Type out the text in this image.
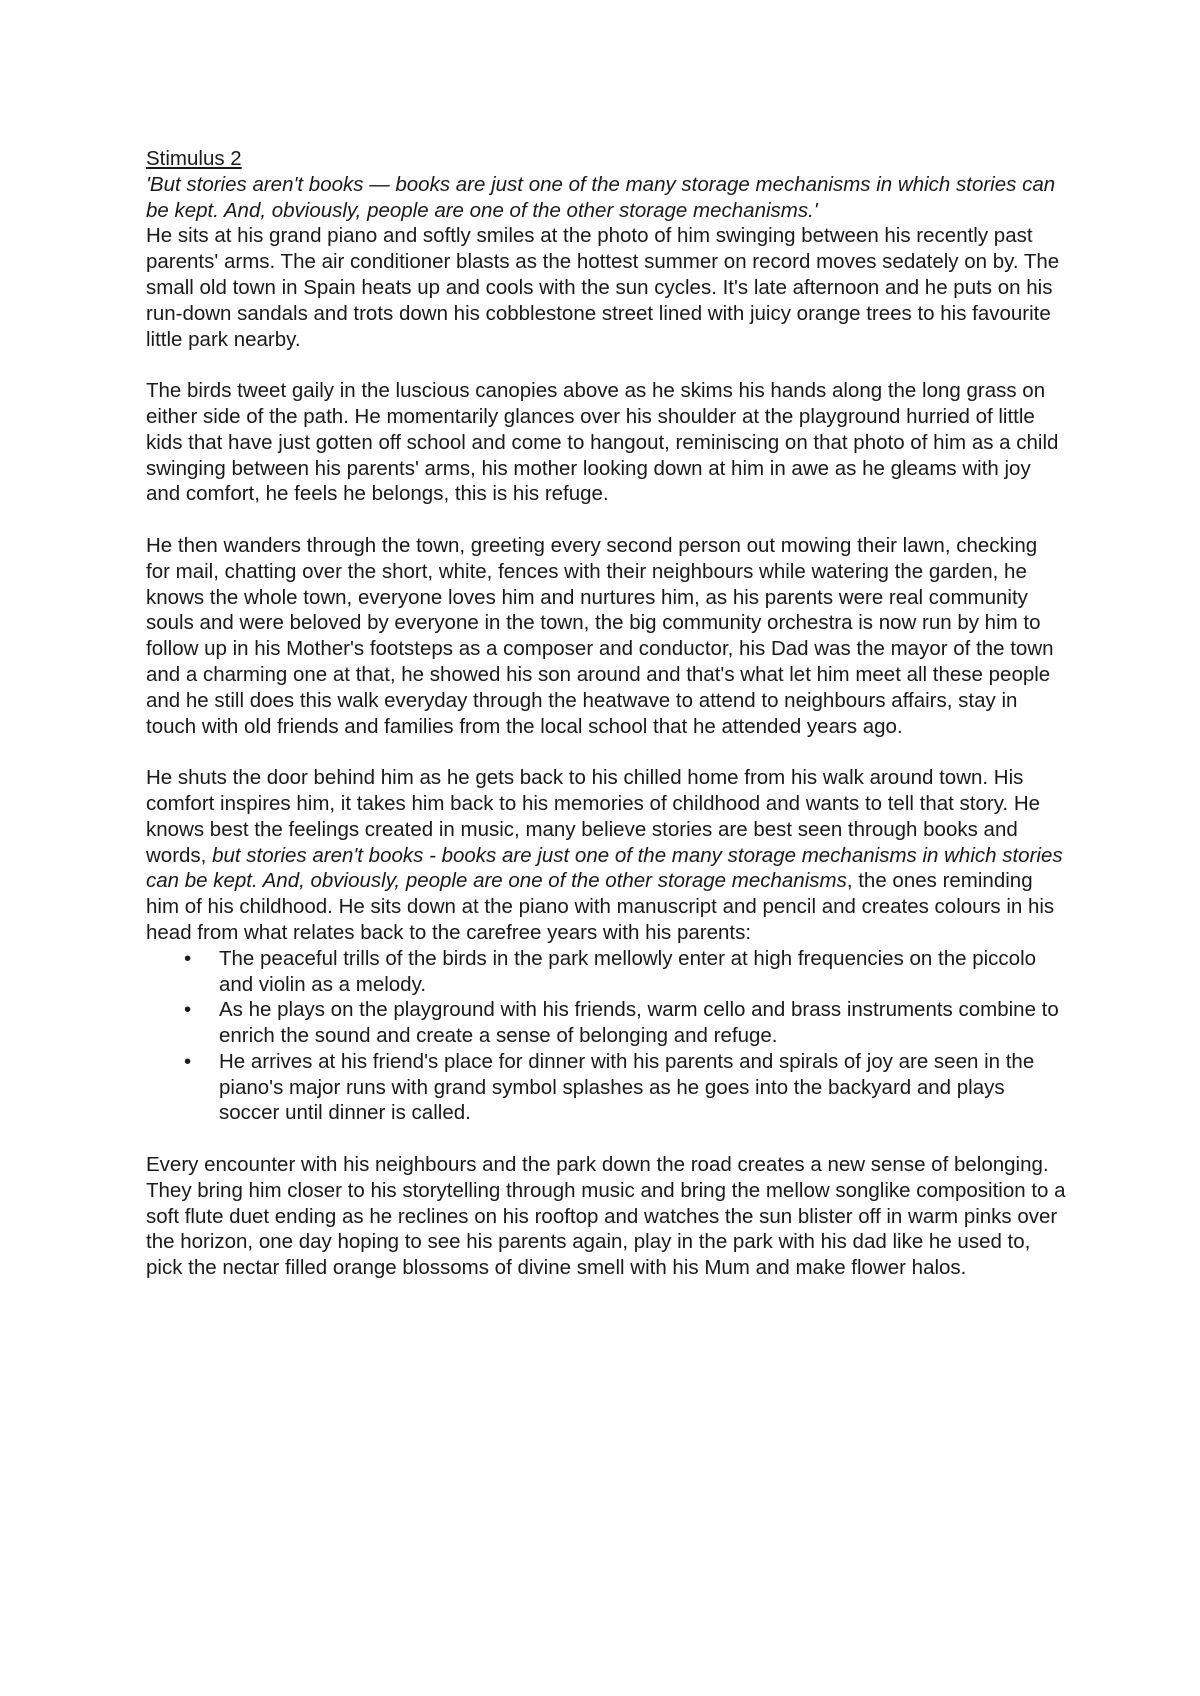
Stimulus 2

'But stories aren't books — books are just one of the many storage mechanisms in which stories can be kept. And, obviously, people are one of the other storage mechanisms.'

He sits at his grand piano and softly smiles at the photo of him swinging between his recently past parents' arms. The air conditioner blasts as the hottest summer on record moves sedately on by. The small old town in Spain heats up and cools with the sun cycles. It's late afternoon and he puts on his run-down sandals and trots down his cobblestone street lined with juicy orange trees to his favourite little park nearby.

The birds tweet gaily in the luscious canopies above as he skims his hands along the long grass on either side of the path. He momentarily glances over his shoulder at the playground hurried of little kids that have just gotten off school and come to hangout, reminiscing on that photo of him as a child swinging between his parents' arms, his mother looking down at him in awe as he gleams with joy and comfort, he feels he belongs, this is his refuge.

He then wanders through the town, greeting every second person out mowing their lawn, checking for mail, chatting over the short, white, fences with their neighbours while watering the garden, he knows the whole town, everyone loves him and nurtures him, as his parents were real community souls and were beloved by everyone in the town, the big community orchestra is now run by him to follow up in his Mother's footsteps as a composer and conductor, his Dad was the mayor of the town and a charming one at that, he showed his son around and that's what let him meet all these people and he still does this walk everyday through the heatwave to attend to neighbours affairs, stay in touch with old friends and families from the local school that he attended years ago.

He shuts the door behind him as he gets back to his chilled home from his walk around town. His comfort inspires him, it takes him back to his memories of childhood and wants to tell that story. He knows best the feelings created in music, many believe stories are best seen through books and words, but stories aren't books - books are just one of the many storage mechanisms in which stories can be kept. And, obviously, people are one of the other storage mechanisms, the ones reminding him of his childhood. He sits down at the piano with manuscript and pencil and creates colours in his head from what relates back to the carefree years with his parents:

• The peaceful trills of the birds in the park mellowly enter at high frequencies on the piccolo and violin as a melody.
• As he plays on the playground with his friends, warm cello and brass instruments combine to enrich the sound and create a sense of belonging and refuge.
• He arrives at his friend's place for dinner with his parents and spirals of joy are seen in the piano's major runs with grand symbol splashes as he goes into the backyard and plays soccer until dinner is called.

Every encounter with his neighbours and the park down the road creates a new sense of belonging. They bring him closer to his storytelling through music and bring the mellow songlike composition to a soft flute duet ending as he reclines on his rooftop and watches the sun blister off in warm pinks over the horizon, one day hoping to see his parents again, play in the park with his dad like he used to, pick the nectar filled orange blossoms of divine smell with his Mum and make flower halos.
